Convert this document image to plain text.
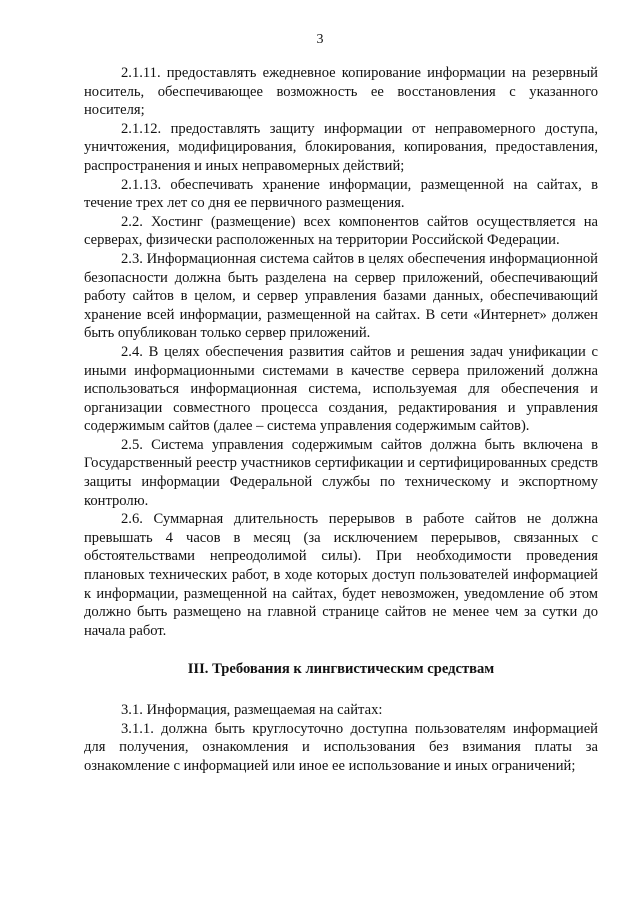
3

2.1.11. предоставлять ежедневное копирование информации на резервный носитель, обеспечивающее возможность ее восстановления с указанного носителя;

2.1.12. предоставлять защиту информации от неправомерного доступа, уничтожения, модифицирования, блокирования, копирования, предоставления, распространения и иных неправомерных действий;

2.1.13. обеспечивать хранение информации, размещенной на сайтах, в течение трех лет со дня ее первичного размещения.

2.2. Хостинг (размещение) всех компонентов сайтов осуществляется на серверах, физически расположенных на территории Российской Федерации.

2.3. Информационная система сайтов в целях обеспечения информационной безопасности должна быть разделена на сервер приложений, обеспечивающий работу сайтов в целом, и сервер управления базами данных, обеспечивающий хранение всей информации, размещенной на сайтах. В сети «Интернет» должен быть опубликован только сервер приложений.

2.4. В целях обеспечения развития сайтов и решения задач унификации с иными информационными системами в качестве сервера приложений должна использоваться информационная система, используемая для обеспечения и организации совместного процесса создания, редактирования и управления содержимым сайтов (далее – система управления содержимым сайтов).

2.5. Система управления содержимым сайтов должна быть включена в Государственный реестр участников сертификации и сертифицированных средств защиты информации Федеральной службы по техническому и экспортному контролю.

2.6. Суммарная длительность перерывов в работе сайтов не должна превышать 4 часов в месяц (за исключением перерывов, связанных с обстоятельствами непреодолимой силы). При необходимости проведения плановых технических работ, в ходе которых доступ пользователей информацией к информации, размещенной на сайтах, будет невозможен, уведомление об этом должно быть размещено на главной странице сайтов не менее чем за сутки до начала работ.

III. Требования к лингвистическим средствам

3.1. Информация, размещаемая на сайтах:

3.1.1. должна быть круглосуточно доступна пользователям информацией для получения, ознакомления и использования без взимания платы за ознакомление с информацией или иное ее использование и иных ограничений;
